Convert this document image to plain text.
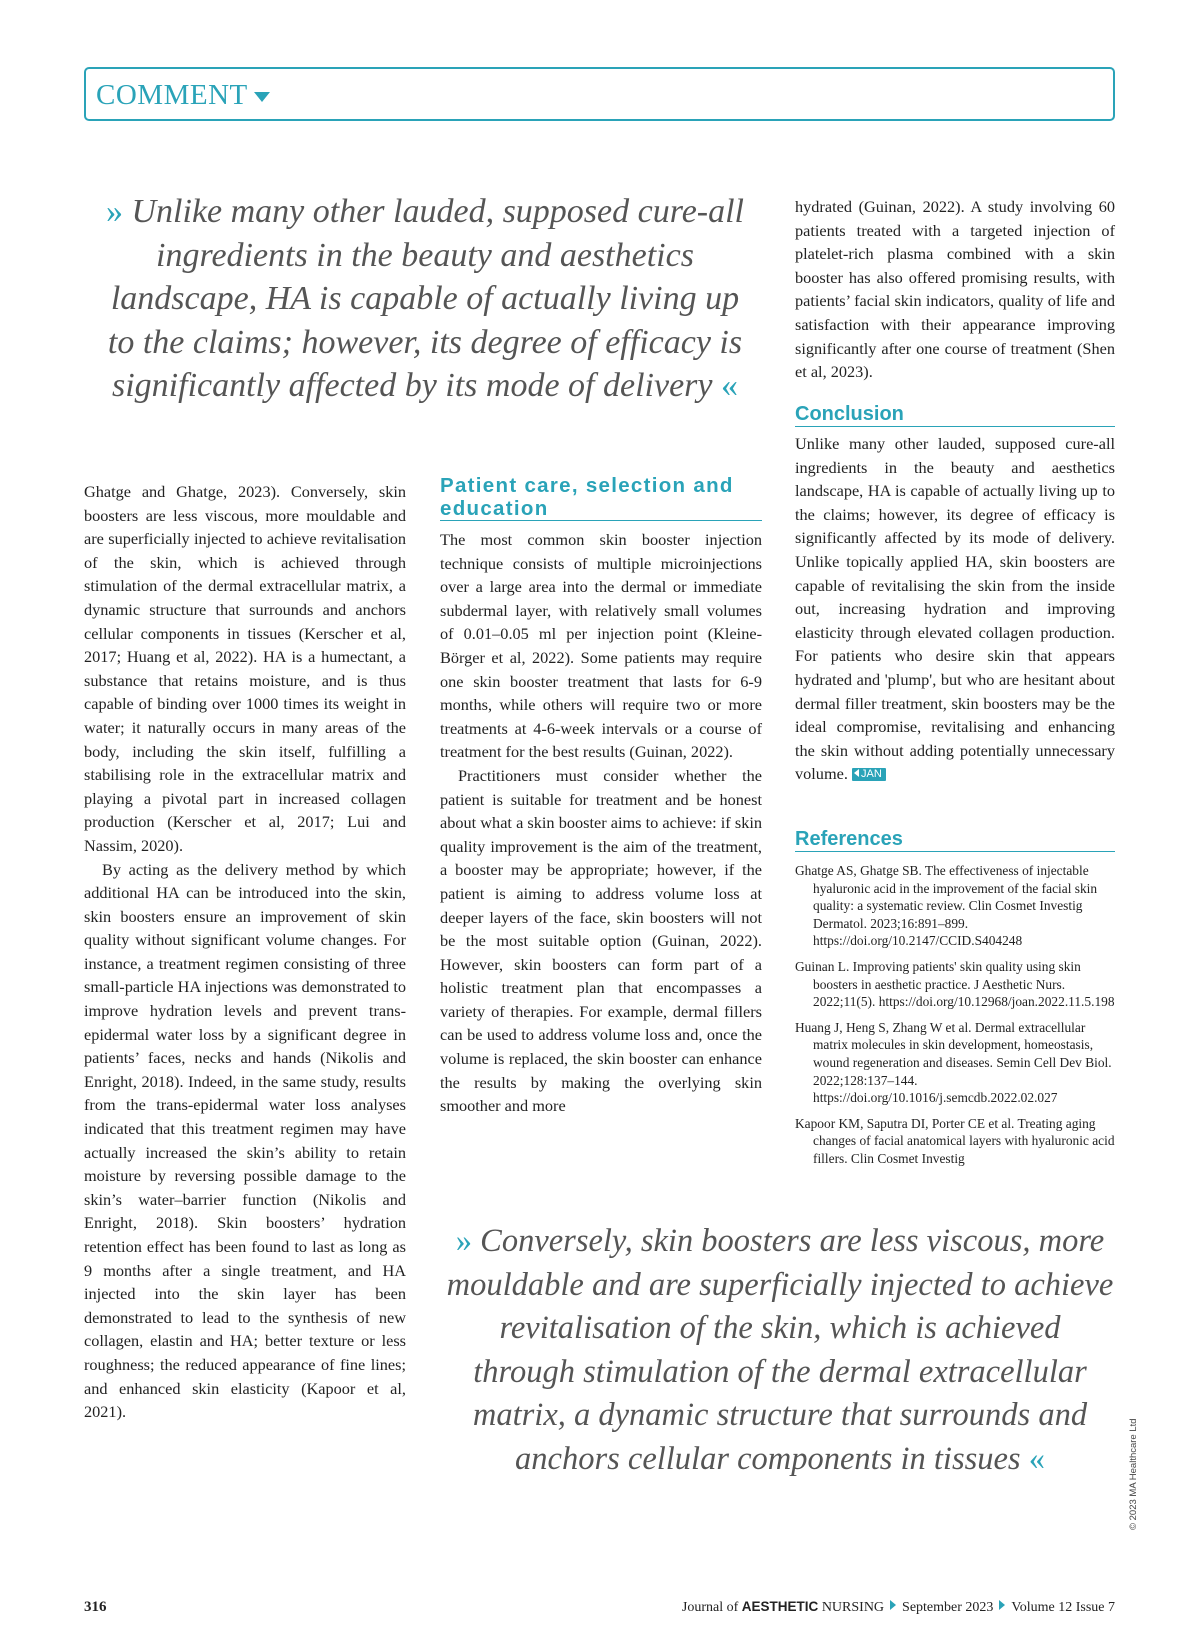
COMMENT
» Unlike many other lauded, supposed cure-all ingredients in the beauty and aesthetics landscape, HA is capable of actually living up to the claims; however, its degree of efficacy is significantly affected by its mode of delivery «

Ghatge and Ghatge, 2023). Conversely, skin boosters are less viscous, more mouldable and are superficially injected to achieve revitalisation of the skin, which is achieved through stimulation of the dermal extracellular matrix, a dynamic structure that surrounds and anchors cellular components in tissues (Kerscher et al, 2017; Huang et al, 2022). HA is a humectant, a substance that retains moisture, and is thus capable of binding over 1000 times its weight in water; it naturally occurs in many areas of the body, including the skin itself, fulfilling a stabilising role in the extracellular matrix and playing a pivotal part in increased collagen production (Kerscher et al, 2017; Lui and Nassim, 2020).

By acting as the delivery method by which additional HA can be introduced into the skin, skin boosters ensure an improvement of skin quality without significant volume changes. For instance, a treatment regimen consisting of three small-particle HA injections was demonstrated to improve hydration levels and prevent trans-epidermal water loss by a significant degree in patients’ faces, necks and hands (Nikolis and Enright, 2018). Indeed, in the same study, results from the trans-epidermal water loss analyses indicated that this treatment regimen may have actually increased the skin’s ability to retain moisture by reversing possible damage to the skin’s water–barrier function (Nikolis and Enright, 2018). Skin boosters’ hydration retention effect has been found to last as long as 9 months after a single treatment, and HA injected into the skin layer has been demonstrated to lead to the synthesis of new collagen, elastin and HA; better texture or less roughness; the reduced appearance of fine lines; and enhanced skin elasticity (Kapoor et al, 2021).

Patient care, selection and education

The most common skin booster injection technique consists of multiple microinjections over a large area into the dermal or immediate subdermal layer, with relatively small volumes of 0.01–0.05 ml per injection point (Kleine-Börger et al, 2022). Some patients may require one skin booster treatment that lasts for 6-9 months, while others will require two or more treatments at 4-6-week intervals or a course of treatment for the best results (Guinan, 2022).

Practitioners must consider whether the patient is suitable for treatment and be honest about what a skin booster aims to achieve: if skin quality improvement is the aim of the treatment, a booster may be appropriate; however, if the patient is aiming to address volume loss at deeper layers of the face, skin boosters will not be the most suitable option (Guinan, 2022). However, skin boosters can form part of a holistic treatment plan that encompasses a variety of therapies. For example, dermal fillers can be used to address volume loss and, once the volume is replaced, the skin booster can enhance the results by making the overlying skin smoother and more

hydrated (Guinan, 2022). A study involving 60 patients treated with a targeted injection of platelet-rich plasma combined with a skin booster has also offered promising results, with patients’ facial skin indicators, quality of life and satisfaction with their appearance improving significantly after one course of treatment (Shen et al, 2023).

Conclusion

Unlike many other lauded, supposed cure-all ingredients in the beauty and aesthetics landscape, HA is capable of actually living up to the claims; however, its degree of efficacy is significantly affected by its mode of delivery. Unlike topically applied HA, skin boosters are capable of revitalising the skin from the inside out, increasing hydration and improving elasticity through elevated collagen production. For patients who desire skin that appears hydrated and 'plump', but who are hesitant about dermal filler treatment, skin boosters may be the ideal compromise, revitalising and enhancing the skin without adding potentially unnecessary volume. JAN

References
Ghatge AS, Ghatge SB. The effectiveness of injectable hyaluronic acid in the improvement of the facial skin quality: a systematic review. Clin Cosmet Investig Dermatol. 2023;16:891–899. https://doi.org/10.2147/CCID.S404248
Guinan L. Improving patients' skin quality using skin boosters in aesthetic practice. J Aesthetic Nurs. 2022;11(5). https://doi.org/10.12968/joan.2022.11.5.198
Huang J, Heng S, Zhang W et al. Dermal extracellular matrix molecules in skin development, homeostasis, wound regeneration and diseases. Semin Cell Dev Biol. 2022;128:137–144. https://doi.org/10.1016/j.semcdb.2022.02.027
Kapoor KM, Saputra DI, Porter CE et al. Treating aging changes of facial anatomical layers with hyaluronic acid fillers. Clin Cosmet Investig
» Conversely, skin boosters are less viscous, more mouldable and are superficially injected to achieve revitalisation of the skin, which is achieved through stimulation of the dermal extracellular matrix, a dynamic structure that surrounds and anchors cellular components in tissues «	© 2023 MA Healthcare Ltd
316	Journal of AESTHETIC NURSING September 2023 Volume 12 Issue 7
